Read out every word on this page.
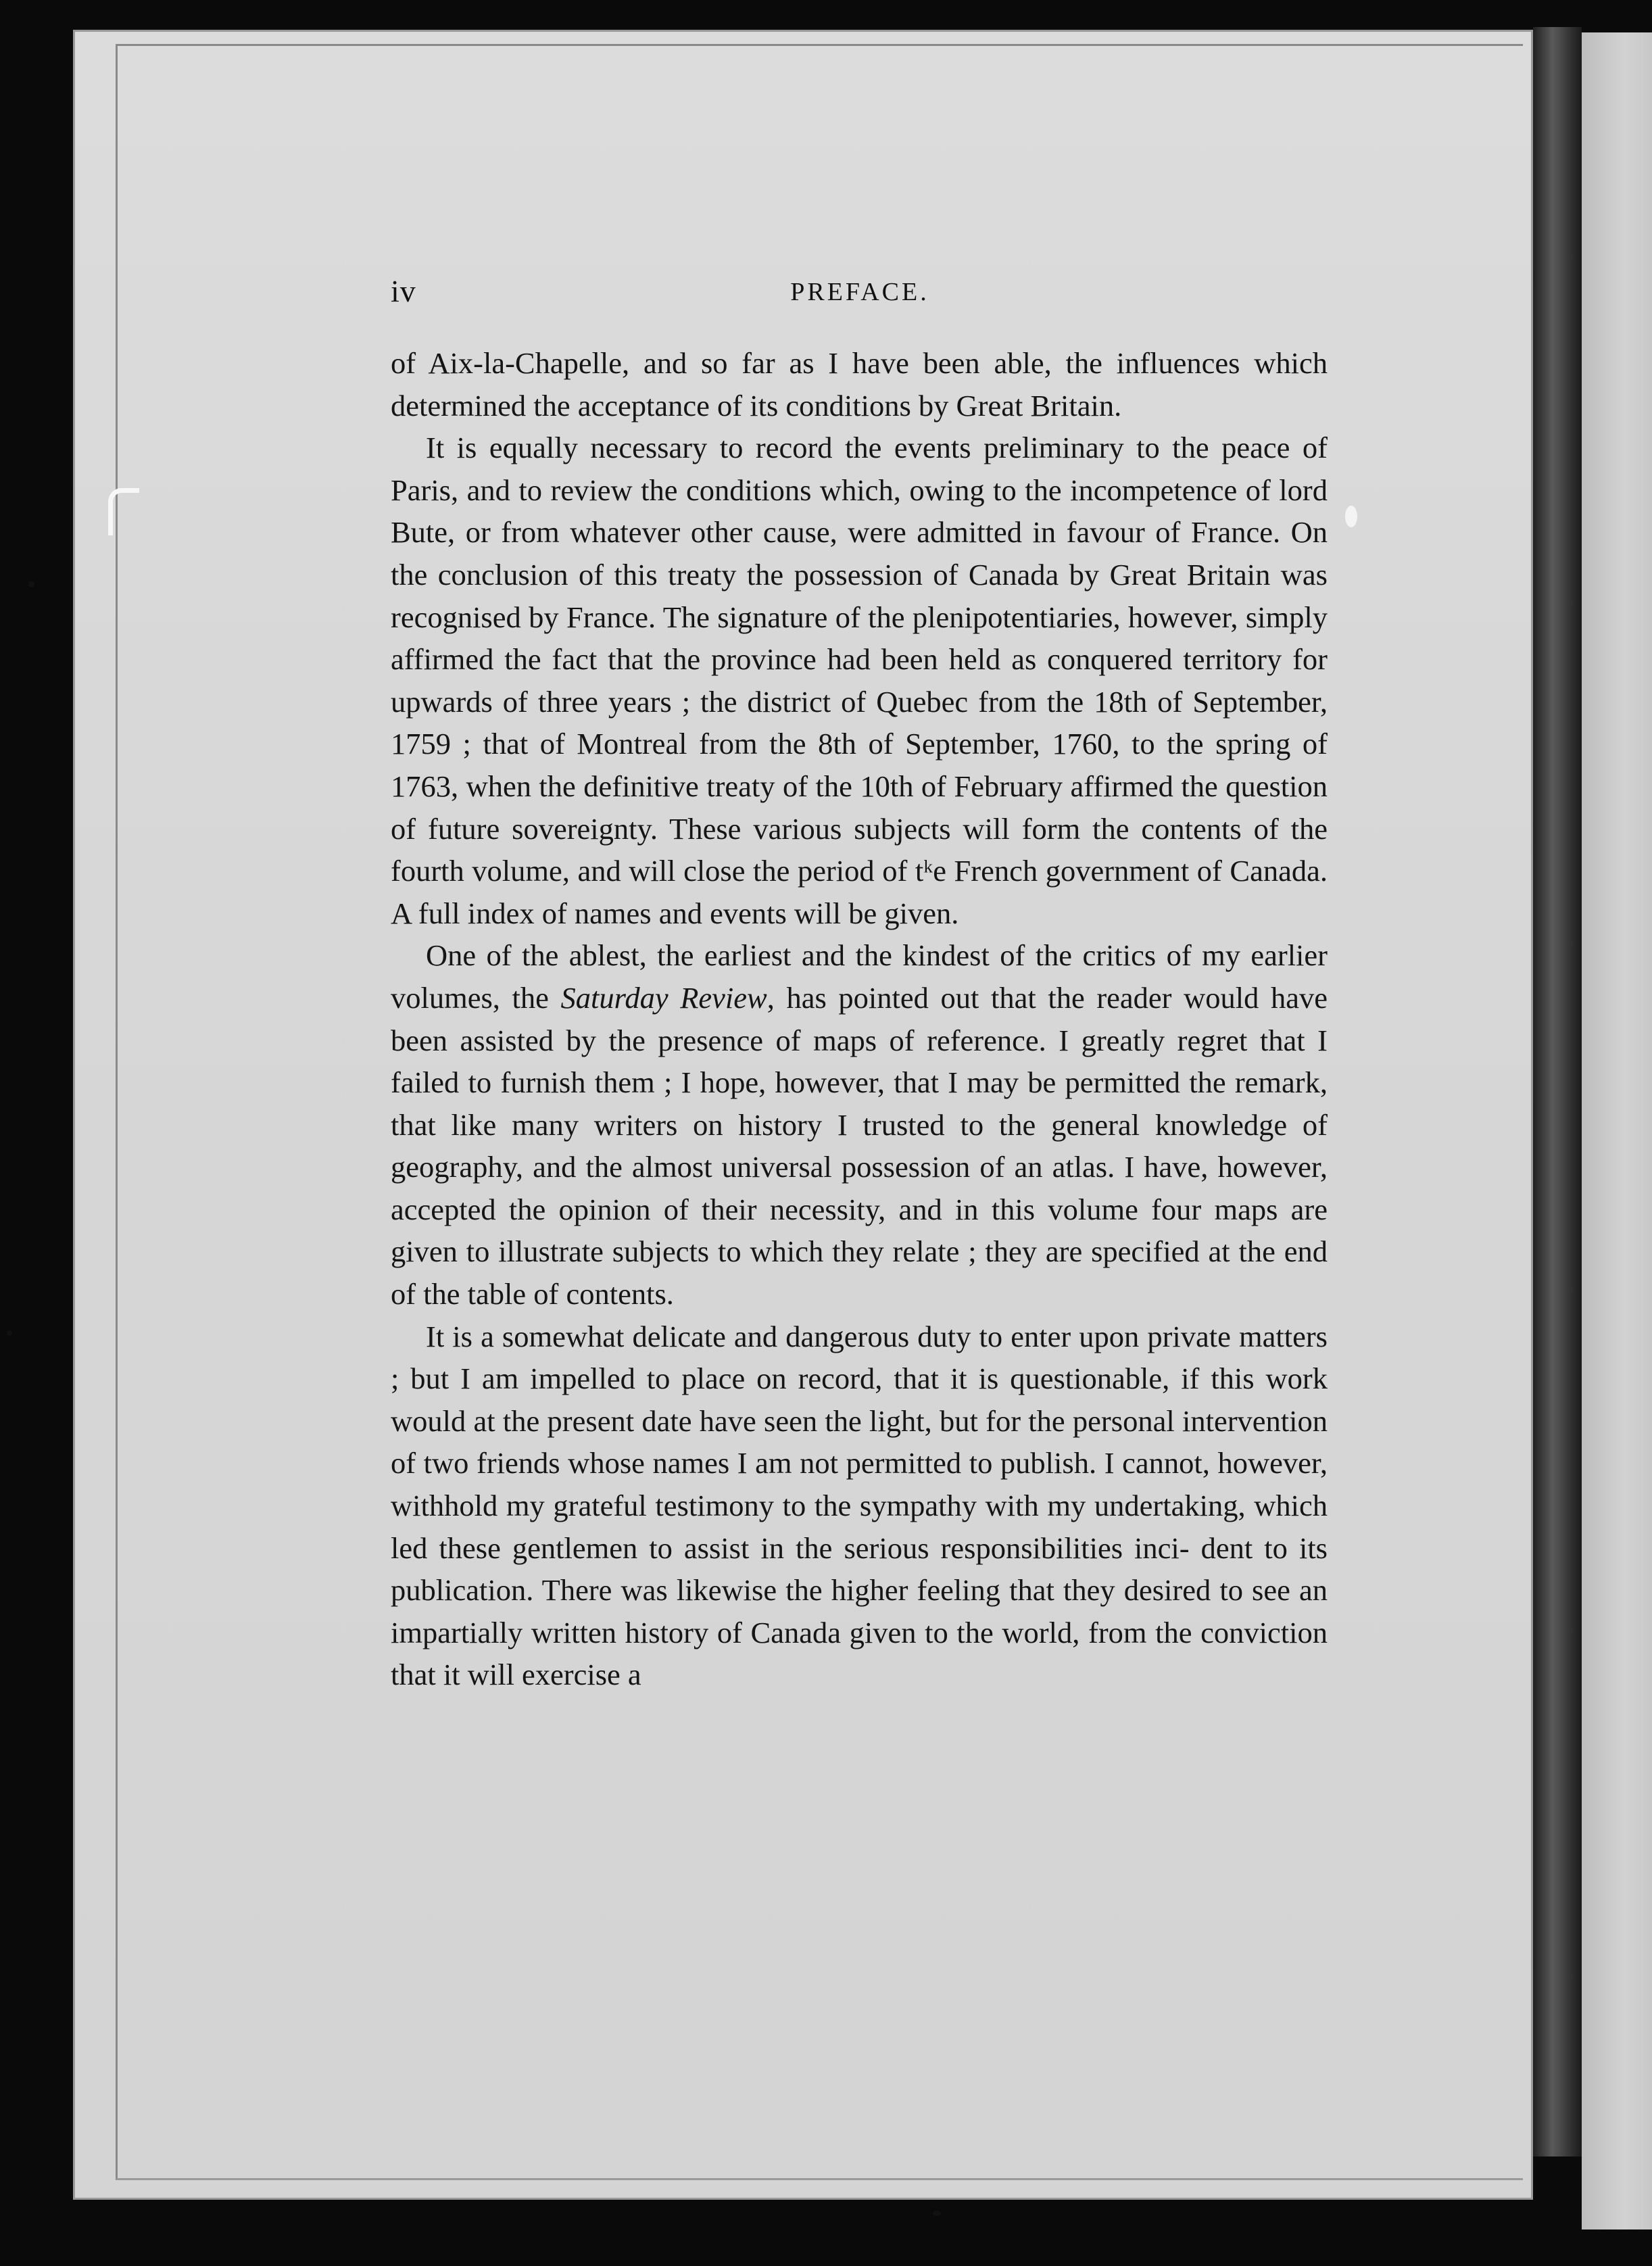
iv	PREFACE.

of Aix-la-Chapelle, and so far as I have been able, the influences which determined the acceptance of its conditions by Great Britain.

It is equally necessary to record the events preliminary to the peace of Paris, and to review the conditions which, owing to the incompetence of lord Bute, or from whatever other cause, were admitted in favour of France. On the conclusion of this treaty the possession of Canada by Great Britain was recognised by France. The signature of the plenipotentiaries, however, simply affirmed the fact that the province had been held as conquered territory for upwards of three years ; the district of Quebec from the 18th of September, 1759 ; that of Montreal from the 8th of September, 1760, to the spring of 1763, when the definitive treaty of the 10th of February affirmed the question of future sovereignty. These various subjects will form the contents of the fourth volume, and will close the period of tᵏe French government of Canada. A full index of names and events will be given.

One of the ablest, the earliest and the kindest of the critics of my earlier volumes, the Saturday Review, has pointed out that the reader would have been assisted by the presence of maps of reference. I greatly regret that I failed to furnish them ; I hope, however, that I may be permitted the remark, that like many writers on history I trusted to the general knowledge of geography, and the almost universal possession of an atlas. I have, however, accepted the opinion of their necessity, and in this volume four maps are given to illustrate subjects to which they relate ; they are specified at the end of the table of contents.

It is a somewhat delicate and dangerous duty to enter upon private matters ; but I am impelled to place on record, that it is questionable, if this work would at the present date have seen the light, but for the personal intervention of two friends whose names I am not permitted to publish. I cannot, however, withhold my grateful testimony to the sympathy with my undertaking, which led these gentlemen to assist in the serious responsibilities inci- dent to its publication. There was likewise the higher feeling that they desired to see an impartially written history of Canada given to the world, from the conviction that it will exercise a
